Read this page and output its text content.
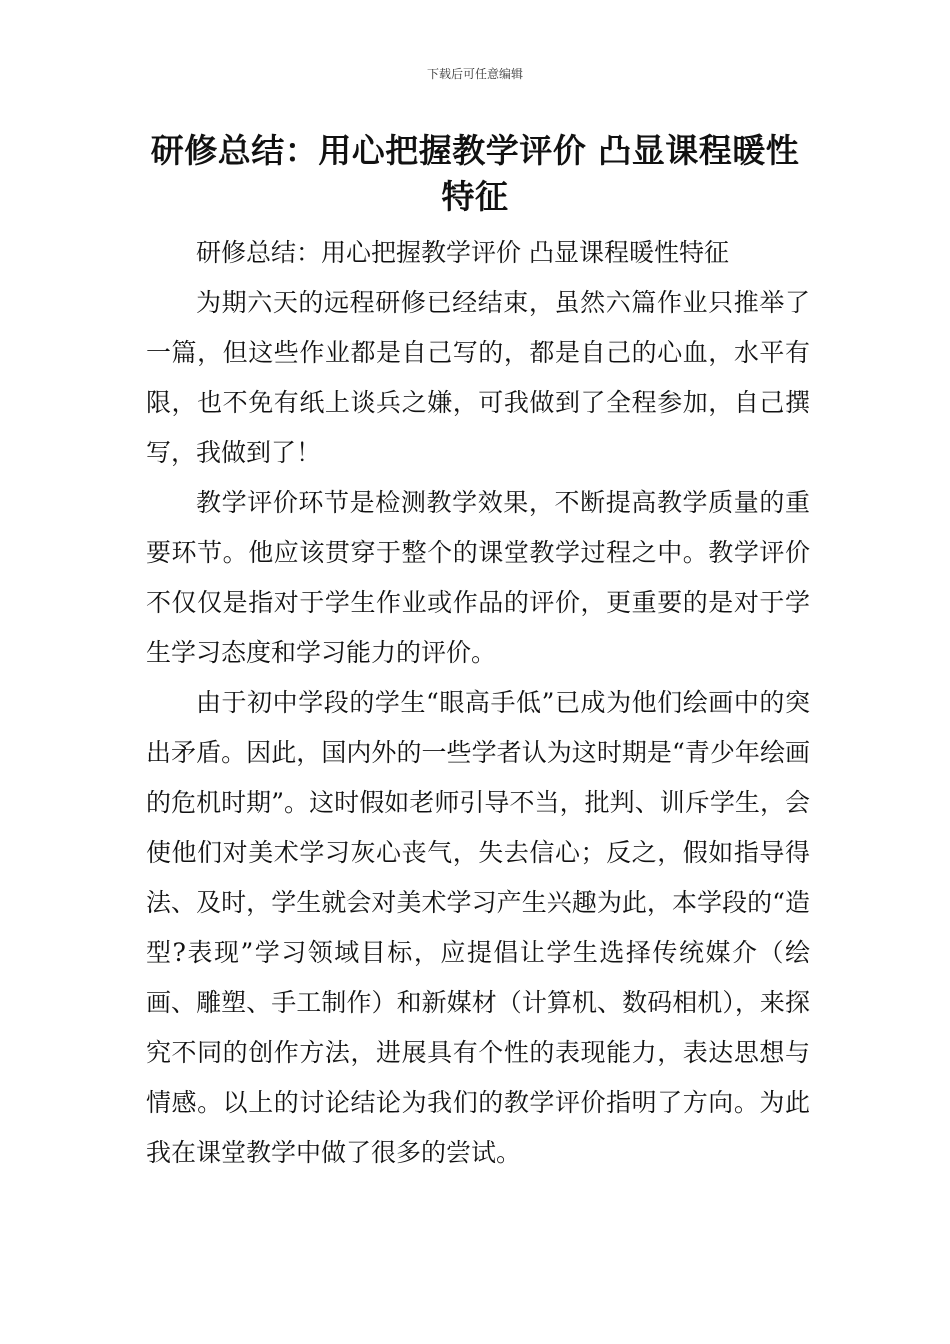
下载后可任意编辑
研修总结：用心把握教学评价 凸显课程暖性特征

研修总结：用心把握教学评价 凸显课程暖性特征

为期六天的远程研修已经结束，虽然六篇作业只推举了一篇，但这些作业都是自己写的，都是自己的心血，水平有限，也不免有纸上谈兵之嫌，可我做到了全程参加，自己撰写，我做到了！

教学评价环节是检测教学效果，不断提高教学质量的重要环节。他应该贯穿于整个的课堂教学过程之中。教学评价不仅仅是指对于学生作业或作品的评价，更重要的是对于学生学习态度和学习能力的评价。

由于初中学段的学生“眼高手低”已成为他们绘画中的突出矛盾。因此，国内外的一些学者认为这时期是“青少年绘画的危机时期”。这时假如老师引导不当，批判、训斥学生，会使他们对美术学习灰心丧气，失去信心；反之，假如指导得法、及时，学生就会对美术学习产生兴趣为此，本学段的“造型?表现”学习领域目标，应提倡让学生选择传统媒介（绘画、雕塑、手工制作）和新媒材（计算机、数码相机），来探究不同的创作方法，进展具有个性的表现能力，表达思想与情感。以上的讨论结论为我们的教学评价指明了方向。为此我在课堂教学中做了很多的尝试。
